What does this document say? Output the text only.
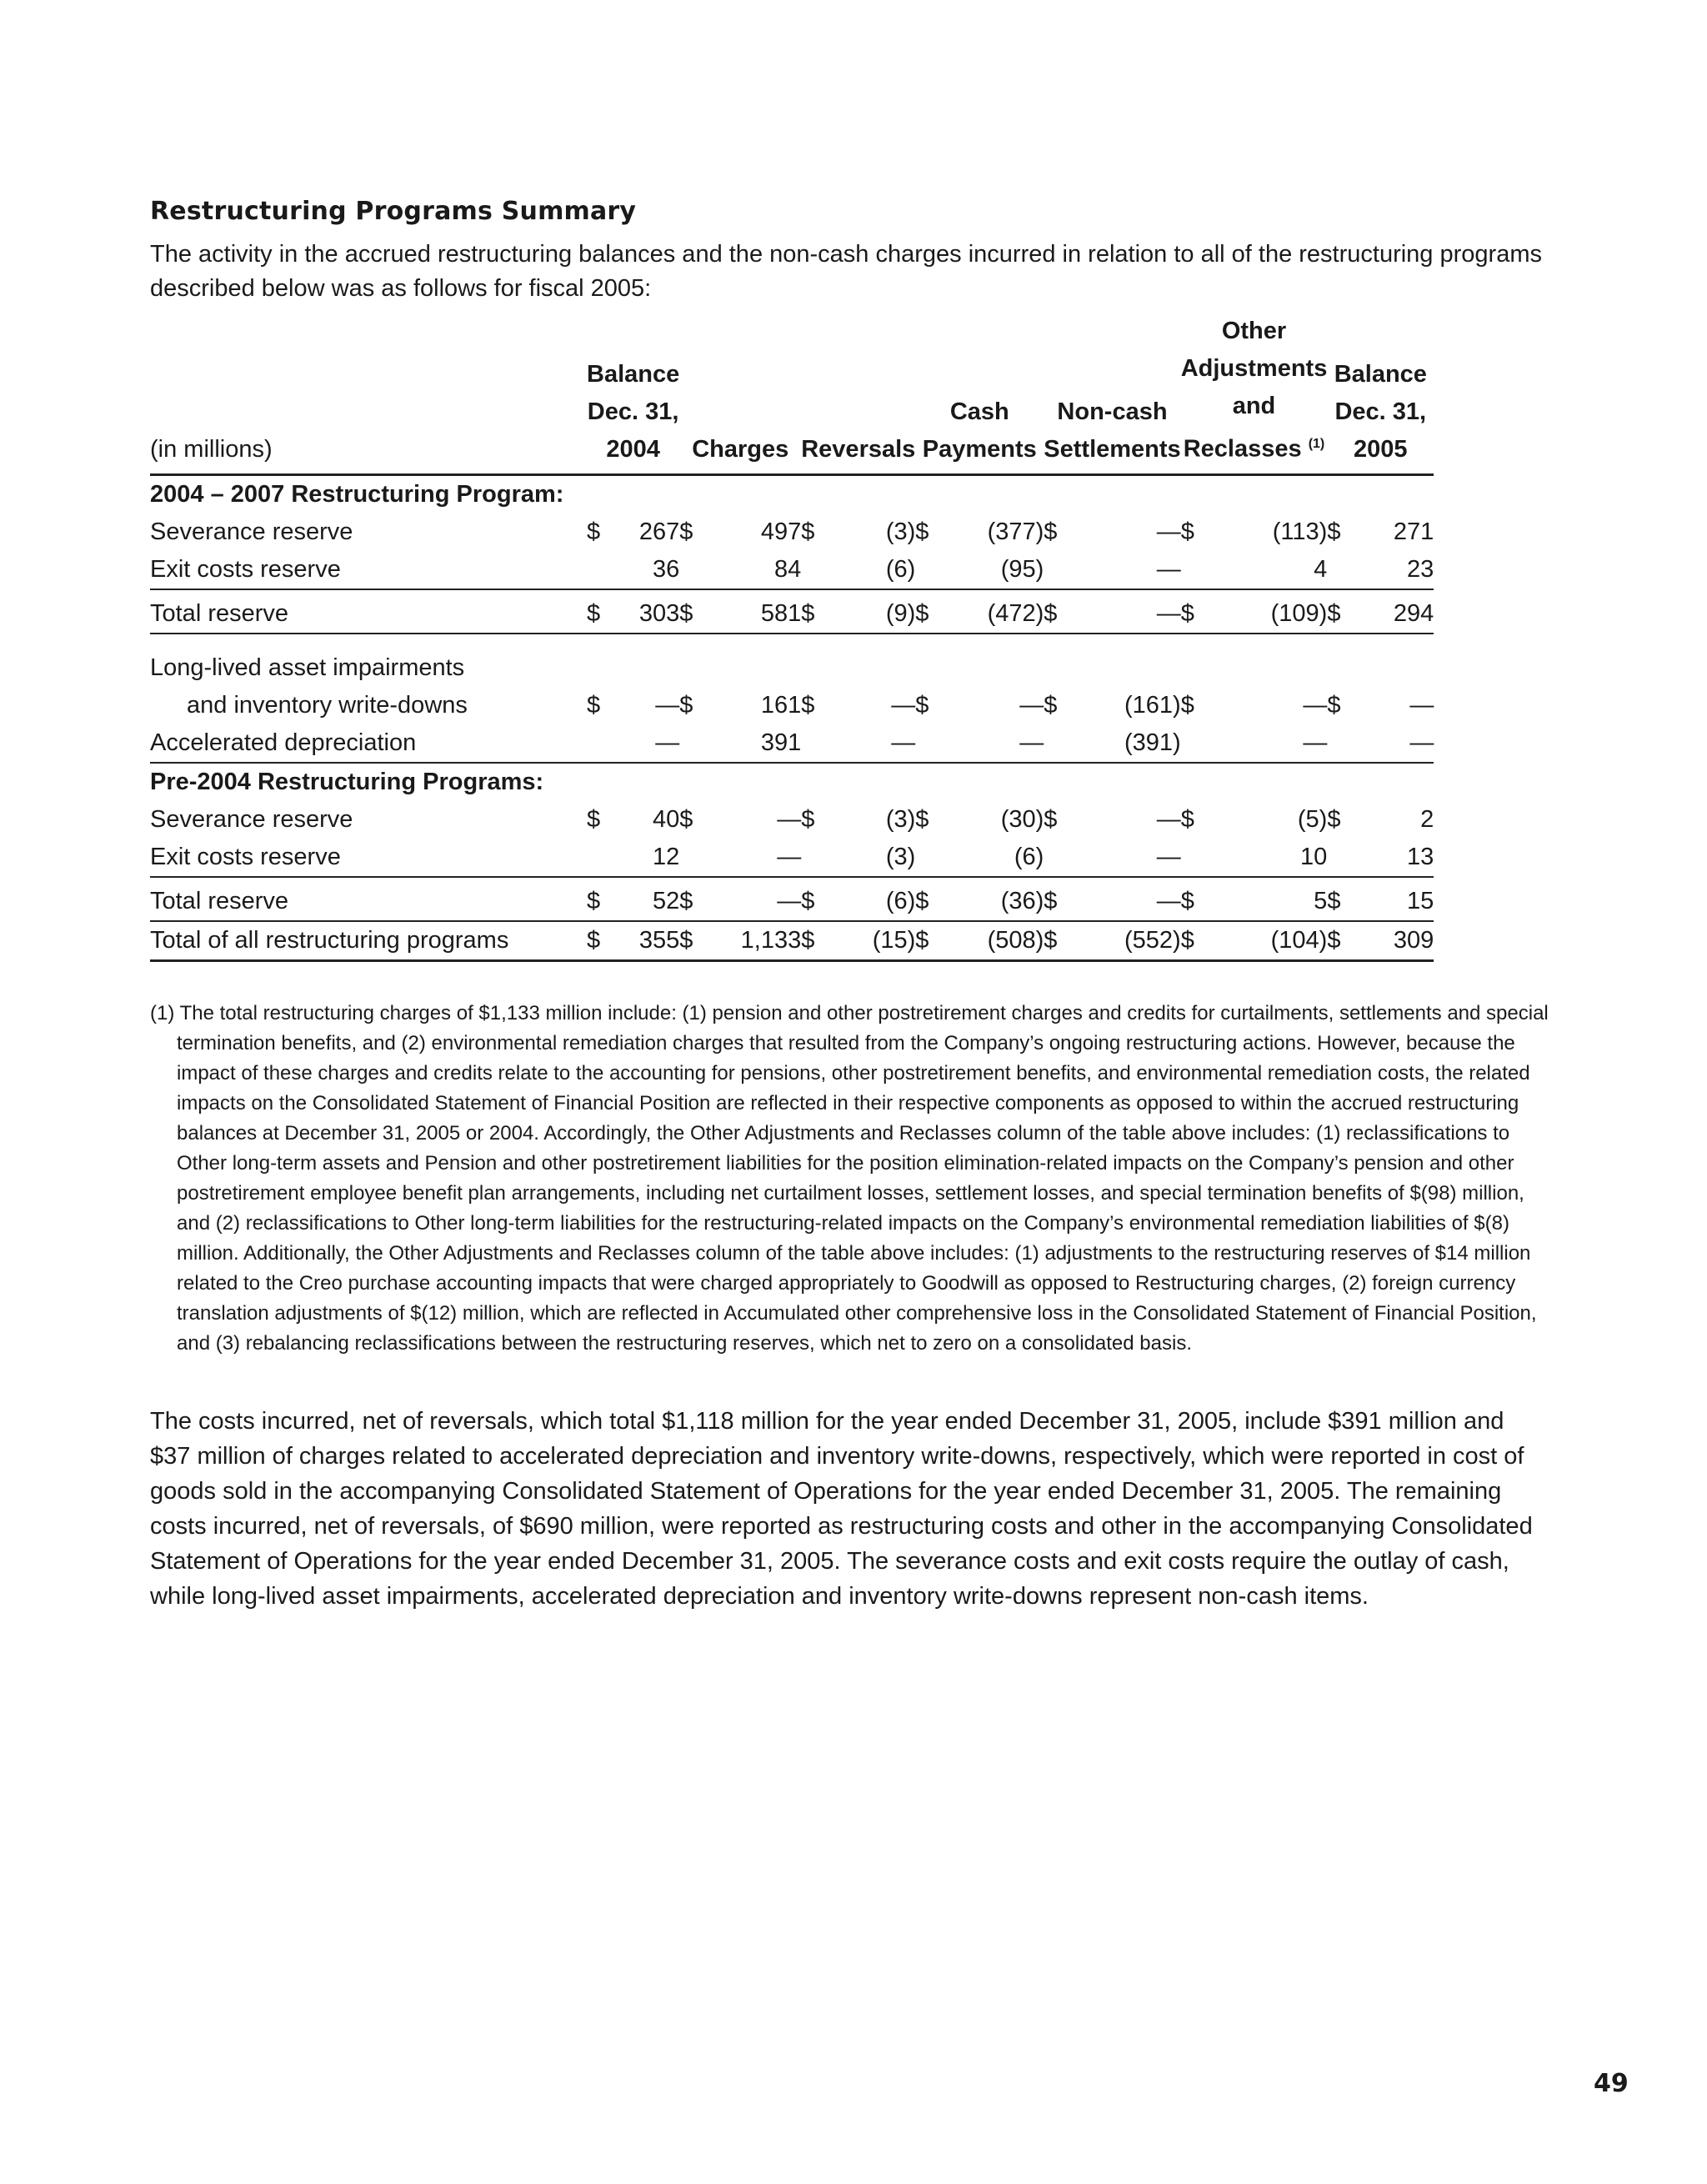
Restructuring Programs Summary

The activity in the accrued restructuring balances and the non-cash charges incurred in relation to all of the restructuring programs described below was as follows for fiscal 2005:

(in millions)	Balance Dec. 31, 2004		Charges		Reversals		Cash Payments		Non-cash Settlements		Other Adjustments and Reclasses $^{(1)}$		Balance Dec. 31, 2005	
2004 – 2007 Restructuring Program:														
Severance reserve	$	267	$	497	$	(3)	$	(377)	$	—	$	(113)	$	271
Exit costs reserve		36		84		(6)		(95)		—		4		23
Total reserve	$	303	$	581	$	(9)	$	(472)	$	—	$	(109)	$	294
Long-lived asset impairments														
and inventory write-downs	$	—	$	161	$	—	$	—	$	(161)	$	—	$	—
Accelerated depreciation		—		391		—		—		(391)		—		—
Pre-2004 Restructuring Programs:														
Severance reserve	$	40	$	—	$	(3)	$	(30)	$	—	$	(5)	$	2
Exit costs reserve		12		—		(3)		(6)		—		10		13
Total reserve	$	52	$	—	$	(6)	$	(36)	$	—	$	5	$	15
Total of all restructuring programs	$	355	$	1,133	$	(15)	$	(508)	$	(552)	$	(104)	$	309

(1) The total restructuring charges of $1,133 million include: (1) pension and other postretirement charges and credits for curtailments, settlements and special termination benefits, and (2) environmental remediation charges that resulted from the Company’s ongoing restructuring actions. However, because the impact of these charges and credits relate to the accounting for pensions, other postretirement benefits, and environmental remediation costs, the related impacts on the Consolidated Statement of Financial Position are reflected in their respective components as opposed to within the accrued restructuring balances at December 31, 2005 or 2004. Accordingly, the Other Adjustments and Reclasses column of the table above includes: (1) reclassifications to Other long-term assets and Pension and other postretirement liabilities for the position elimination-related impacts on the Company’s pension and other postretirement employee benefit plan arrangements, including net curtailment losses, settlement losses, and special termination benefits of $(98) million, and (2) reclassifications to Other long-term liabilities for the restructuring-related impacts on the Company’s environmental remediation liabilities of $(8) million. Additionally, the Other Adjustments and Reclasses column of the table above includes: (1) adjustments to the restructuring reserves of $14 million related to the Creo purchase accounting impacts that were charged appropriately to Goodwill as opposed to Restructuring charges, (2) foreign currency translation adjustments of $(12) million, which are reflected in Accumulated other comprehensive loss in the Consolidated Statement of Financial Position, and (3) rebalancing reclassifications between the restructuring reserves, which net to zero on a consolidated basis.

The costs incurred, net of reversals, which total $1,118 million for the year ended December 31, 2005, include $391 million and $37 million of charges related to accelerated depreciation and inventory write-downs, respectively, which were reported in cost of goods sold in the accompanying Consolidated Statement of Operations for the year ended December 31, 2005. The remaining costs incurred, net of reversals, of $690 million, were reported as restructuring costs and other in the accompanying Consolidated Statement of Operations for the year ended December 31, 2005. The severance costs and exit costs require the outlay of cash, while long-lived asset impairments, accelerated depreciation and inventory write-downs represent non-cash items.

49
